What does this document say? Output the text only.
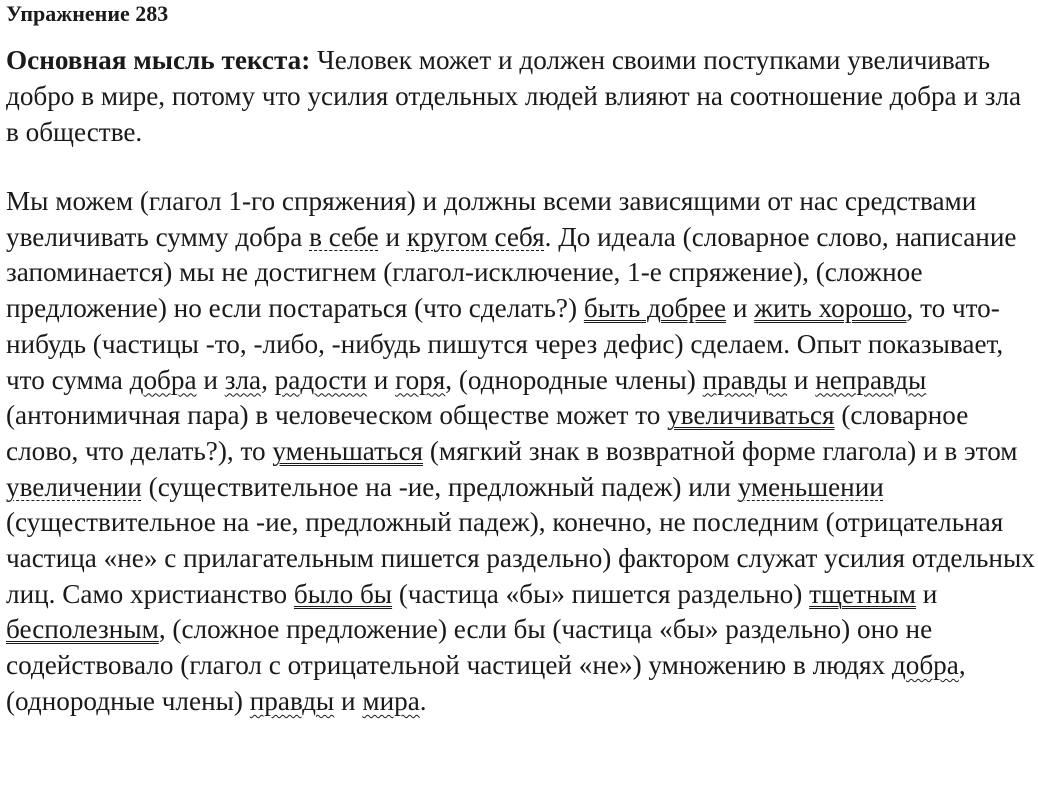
Упражнение 283

Основная мысль текста: Человек может и должен своими поступками увеличивать добро в мире, потому что усилия отдельных людей влияют на соотношение добра и зла в обществе.

Мы можем (глагол 1-го спряжения) и должны всеми зависящими от нас средствами увеличивать сумму добра в себе и кругом себя. До идеала (словарное слово, написание запоминается) мы не достигнем (глагол-исключение, 1-е спряжение), (сложное предложение) но если постараться (что сделать?) быть добрее и жить хорошо, то что-нибудь (частицы -то, -либо, -нибудь пишутся через дефис) сделаем. Опыт показывает, что сумма добра и зла, радости и горя, (однородные члены) правды и неправды (антонимичная пара) в человеческом обществе может то увеличиваться (словарное слово, что делать?), то уменьшаться (мягкий знак в возвратной форме глагола) и в этом увеличении (существительное на -ие, предложный падеж) или уменьшении (существительное на -ие, предложный падеж), конечно, не последним (отрицательная частица «не» с прилагательным пишется раздельно) фактором служат усилия отдельных лиц. Само христианство было бы (частица «бы» пишется раздельно) тщетным и бесполезным, (сложное предложение) если бы (частица «бы» раздельно) оно не содействовало (глагол с отрицательной частицей «не») умножению в людях добра, (однородные члены) правды и мира.
